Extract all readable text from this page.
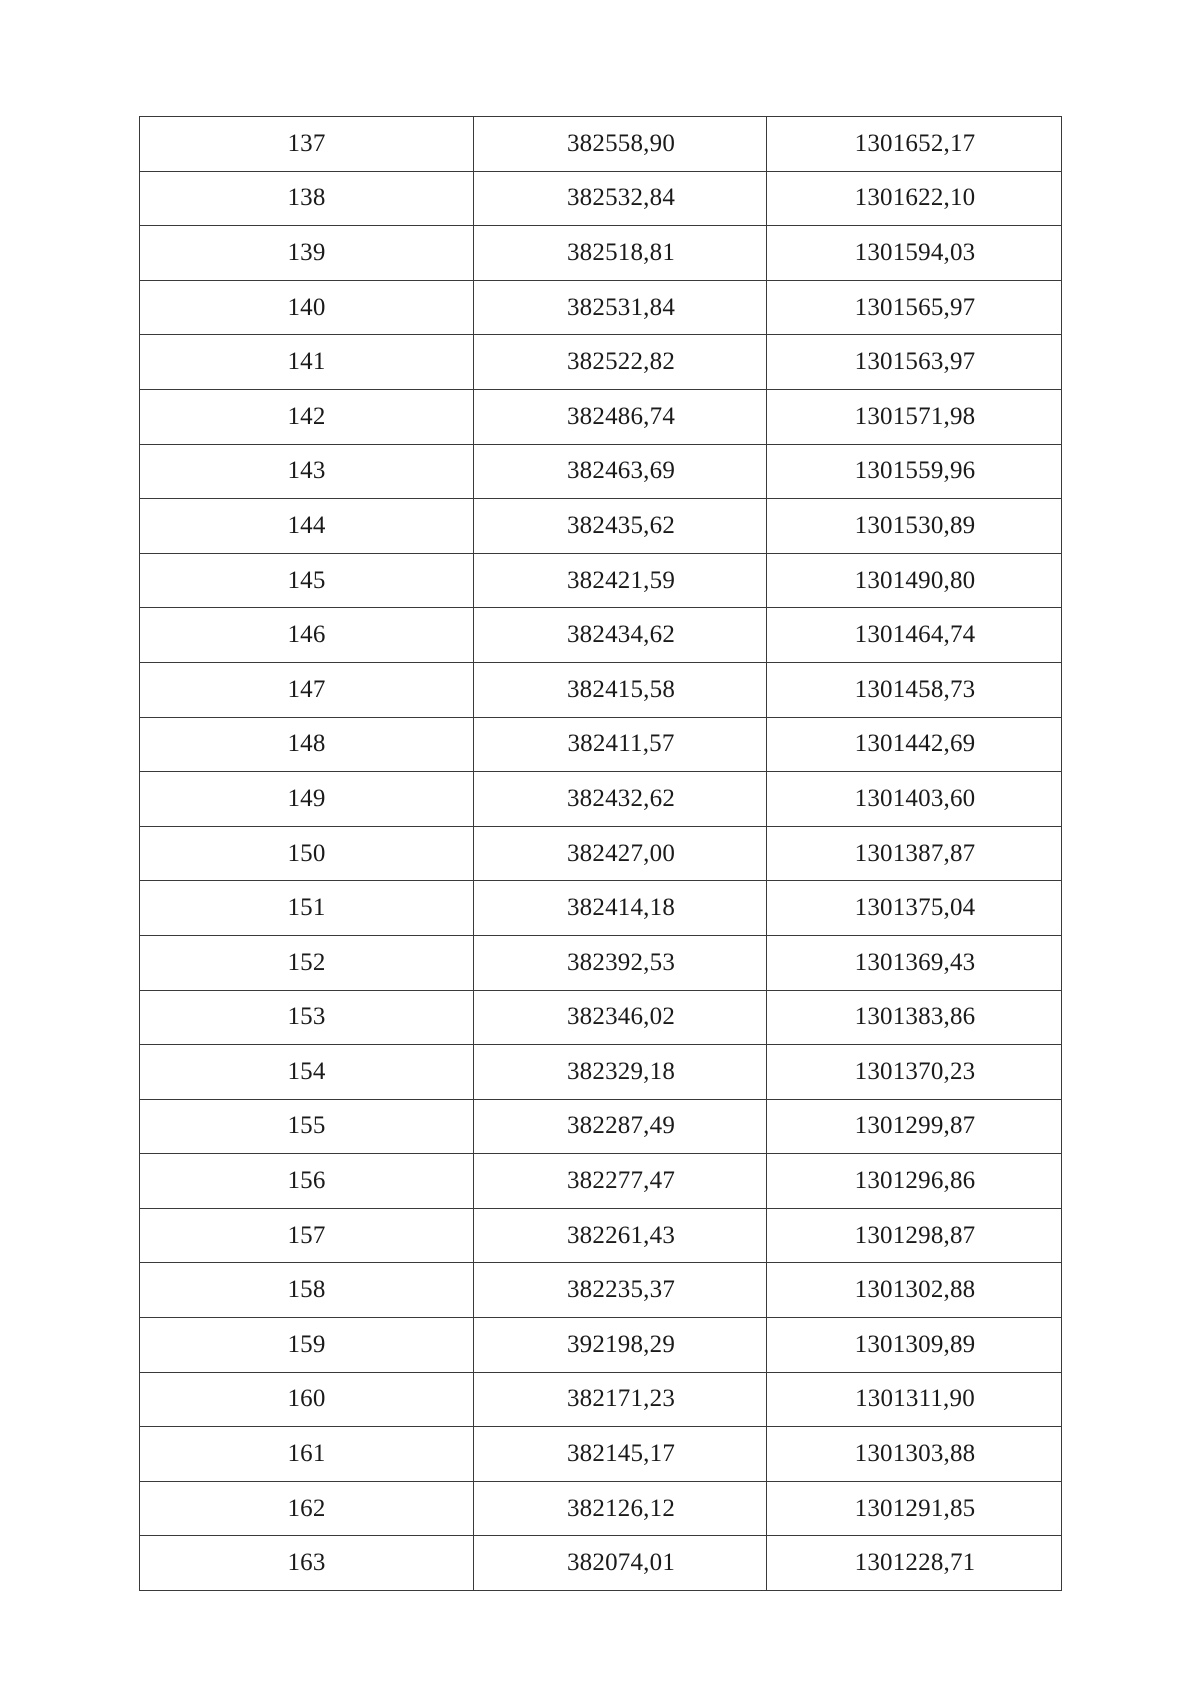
137	382558,90	1301652,17
138	382532,84	1301622,10
139	382518,81	1301594,03
140	382531,84	1301565,97
141	382522,82	1301563,97
142	382486,74	1301571,98
143	382463,69	1301559,96
144	382435,62	1301530,89
145	382421,59	1301490,80
146	382434,62	1301464,74
147	382415,58	1301458,73
148	382411,57	1301442,69
149	382432,62	1301403,60
150	382427,00	1301387,87
151	382414,18	1301375,04
152	382392,53	1301369,43
153	382346,02	1301383,86
154	382329,18	1301370,23
155	382287,49	1301299,87
156	382277,47	1301296,86
157	382261,43	1301298,87
158	382235,37	1301302,88
159	392198,29	1301309,89
160	382171,23	1301311,90
161	382145,17	1301303,88
162	382126,12	1301291,85
163	382074,01	1301228,71
